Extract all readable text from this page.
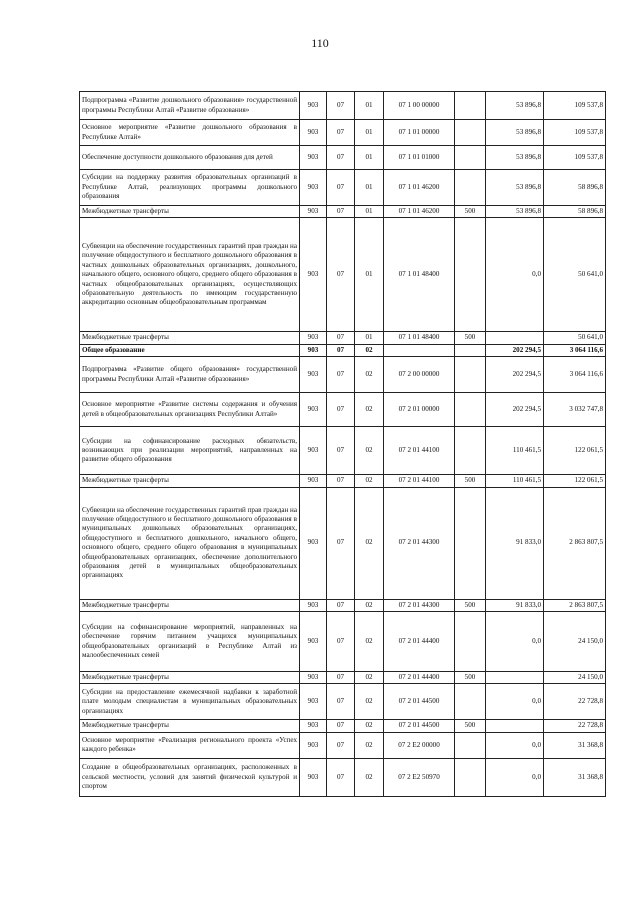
110
Подпрограмма «Развитие дошкольного образования» государственной программы Республики Алтай «Развитие образования»	903	07	01	07 1 00 00000		53 896,8	109 537,8
Основное мероприятие «Развитие дошкольного образования в Республике Алтай»	903	07	01	07 1 01 00000		53 896,8	109 537,8
Обеспечение доступности дошкольного образования для детей	903	07	01	07 1 01 01000		53 896,8	109 537,8
Субсидии на поддержку развития образовательных организаций в Республике Алтай, реализующих программы дошкольного образования	903	07	01	07 1 01 46200		53 896,8	58 896,8
Межбюджетные трансферты	903	07	01	07 1 01 46200	500	53 896,8	58 896,8
Субвенции на обеспечение государственных гарантий прав граждан на получение общедоступного и бесплатного дошкольного образования в частных дошкольных образовательных организациях, дошкольного, начального общего, основного общего, среднего общего образования в частных общеобразовательных организациях, осуществляющих образовательную деятельность по имеющим государственную аккредитацию основным общеобразовательным программам	903	07	01	07 1 01 48400		0,0	50 641,0
Межбюджетные трансферты	903	07	01	07 1 01 48400	500		50 641,0
Общее образование	903	07	02			202 294,5	3 064 116,6
Подпрограмма «Развитие общего образования» государственной программы Республики Алтай «Развитие образования»	903	07	02	07 2 00 00000		202 294,5	3 064 116,6
Основное мероприятие «Развитие системы содержания и обучения детей в общеобразовательных организациях Республики Алтай»	903	07	02	07 2 01 00000		202 294,5	3 032 747,8
Субсидии на софинансирование расходных обязательств, возникающих при реализации мероприятий, направленных на развитие общего образования	903	07	02	07 2 01 44100		110 461,5	122 061,5
Межбюджетные трансферты	903	07	02	07 2 01 44100	500	110 461,5	122 061,5
Субвенции на обеспечение государственных гарантий прав граждан на получение общедоступного и бесплатного дошкольного образования в муниципальных дошкольных образовательных организациях, общедоступного и бесплатного дошкольного, начального общего, основного общего, среднего общего образования в муниципальных общеобразовательных организациях, обеспечение дополнительного образования детей в муниципальных общеобразовательных организациях	903	07	02	07 2 01 44300		91 833,0	2 863 807,5
Межбюджетные трансферты	903	07	02	07 2 01 44300	500	91 833,0	2 863 807,5
Субсидии на софинансирование мероприятий, направленных на обеспечение горячим питанием учащихся муниципальных общеобразовательных организаций в Республике Алтай из малообеспеченных семей	903	07	02	07 2 01 44400		0,0	24 150,0
Межбюджетные трансферты	903	07	02	07 2 01 44400	500		24 150,0
Субсидии на предоставление ежемесячной надбавки к заработной плате молодым специалистам в муниципальных образовательных организациях	903	07	02	07 2 01 44500		0,0	22 728,8
Межбюджетные трансферты	903	07	02	07 2 01 44500	500		22 728,8
Основное мероприятие «Реализация регионального проекта «Успех каждого ребенка»	903	07	02	07 2 E2 00000		0,0	31 368,8
Создание в общеобразовательных организациях, расположенных в сельской местности, условий для занятий физической культурой и спортом	903	07	02	07 2 E2 50970		0,0	31 368,8
